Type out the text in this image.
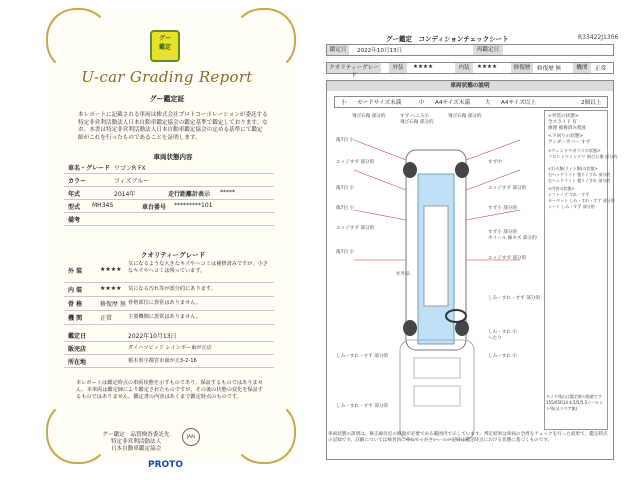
グー
鑑定
U-car Grading Report
グー鑑定証
本レポートに記載される車両は株式会社プロトコーポレーションが委託する特定非営利活動法人日本自動車鑑定協会の鑑定基準で鑑定しております。なお、本書は特定非営利活動法人日本自動車鑑定協会の定める基準にて鑑定師がこれを行ったものであることを証明します。
車両状態内容
車名・グレード ワゴンR FX
カラー	フィズブルー
年式	2014年	走行距離計表示 *****
型式 MH34S	車台番号 *********101
備考
クオリティーグレード
外 装	★★★★
気になるような大きなキズやヘコミは補修済みですが、小さなキズやヘコミは残っています。
内 装	★★★★ 気になる汚れ等が部分的にあります。
骨 格	修復歴 無 骨格部位に異常はありません。
機 関	正常	主要機関に異常はありません。
鑑定日	2022年10月13日
販売店	ダイハツビッド レインボー東が丘店
所在地	栃木県宇都宮市東が丘3-2-16
本レポートは鑑定時点の車両状態を示すものであり、保証するものではありません。本車両は鑑定師により鑑定されたものですが、その後の状態の変化を保証するものではありません。鑑定書の内容はあくまで鑑定時点のものです。
グー鑑定　品質検査委託先
特定非営利活動法人
日本自動車鑑定協会
JAAI
PROTO
グー鑑定　コンディションチェックシート	R33422J1306
鑑定日	2022年10月13日	再鑑定日
クオリティーグレード
外装	★★★★	内装	★★★★	修復歴	修復歴 無	機関	正常
車両状態の説明
小 カードサイズ未満	中 A4サイズ未満	大 A4サイズ以上	2個以上
飛び石傷 部分的	すず-へこみ小
飛び石傷 部分的
飛び石傷 部分的
傷7目 小
エッジすず 部分的	すず中
傷7目 小	エッジすず 部分的
傷7目 小	すず小 部分的
エッジすず 部分的
すず小 部分的
ホイール 線キズ 部分的
傷7目 小
エッジすず 部分的
社外品
しみ・すれ・すず 部分的
しわ・すれ 小
へたり
しみ・すれ 小
しみ・すれ・すず 部分的
しみ・すれ・すず 部分的
<外装の状態>
全スライド 有
修理 補修済み程度
<下回りの状態>
アンダーカバー すず
<ウィンドウガラスの状態>
フロントウインドウ 飛び石傷 部分的
<灯火類(ライト類)の状態>
右ヘッドライト 曇り / すれ 部分的
左ヘッドライト 曇り / すれ 部分的
<内装の状態>
シフトノブ すれ・すず
カーペット しみ・すれ・すず 部分的
シート しみ・すず 部分的
タイヤ残山は鑑定時の数値です
155/65R14 4.5/5/5.5パーセン
ト残山(スペア無)
車両状態の説明は、修正線付近の修復が必要である範囲内で示しています。判定結果は車両の全周をチェックを行った結果で、鑑定時点の記録です。詳細については検査員に尋ねてください。この記録は鑑定時点における状態に基づくものです。
